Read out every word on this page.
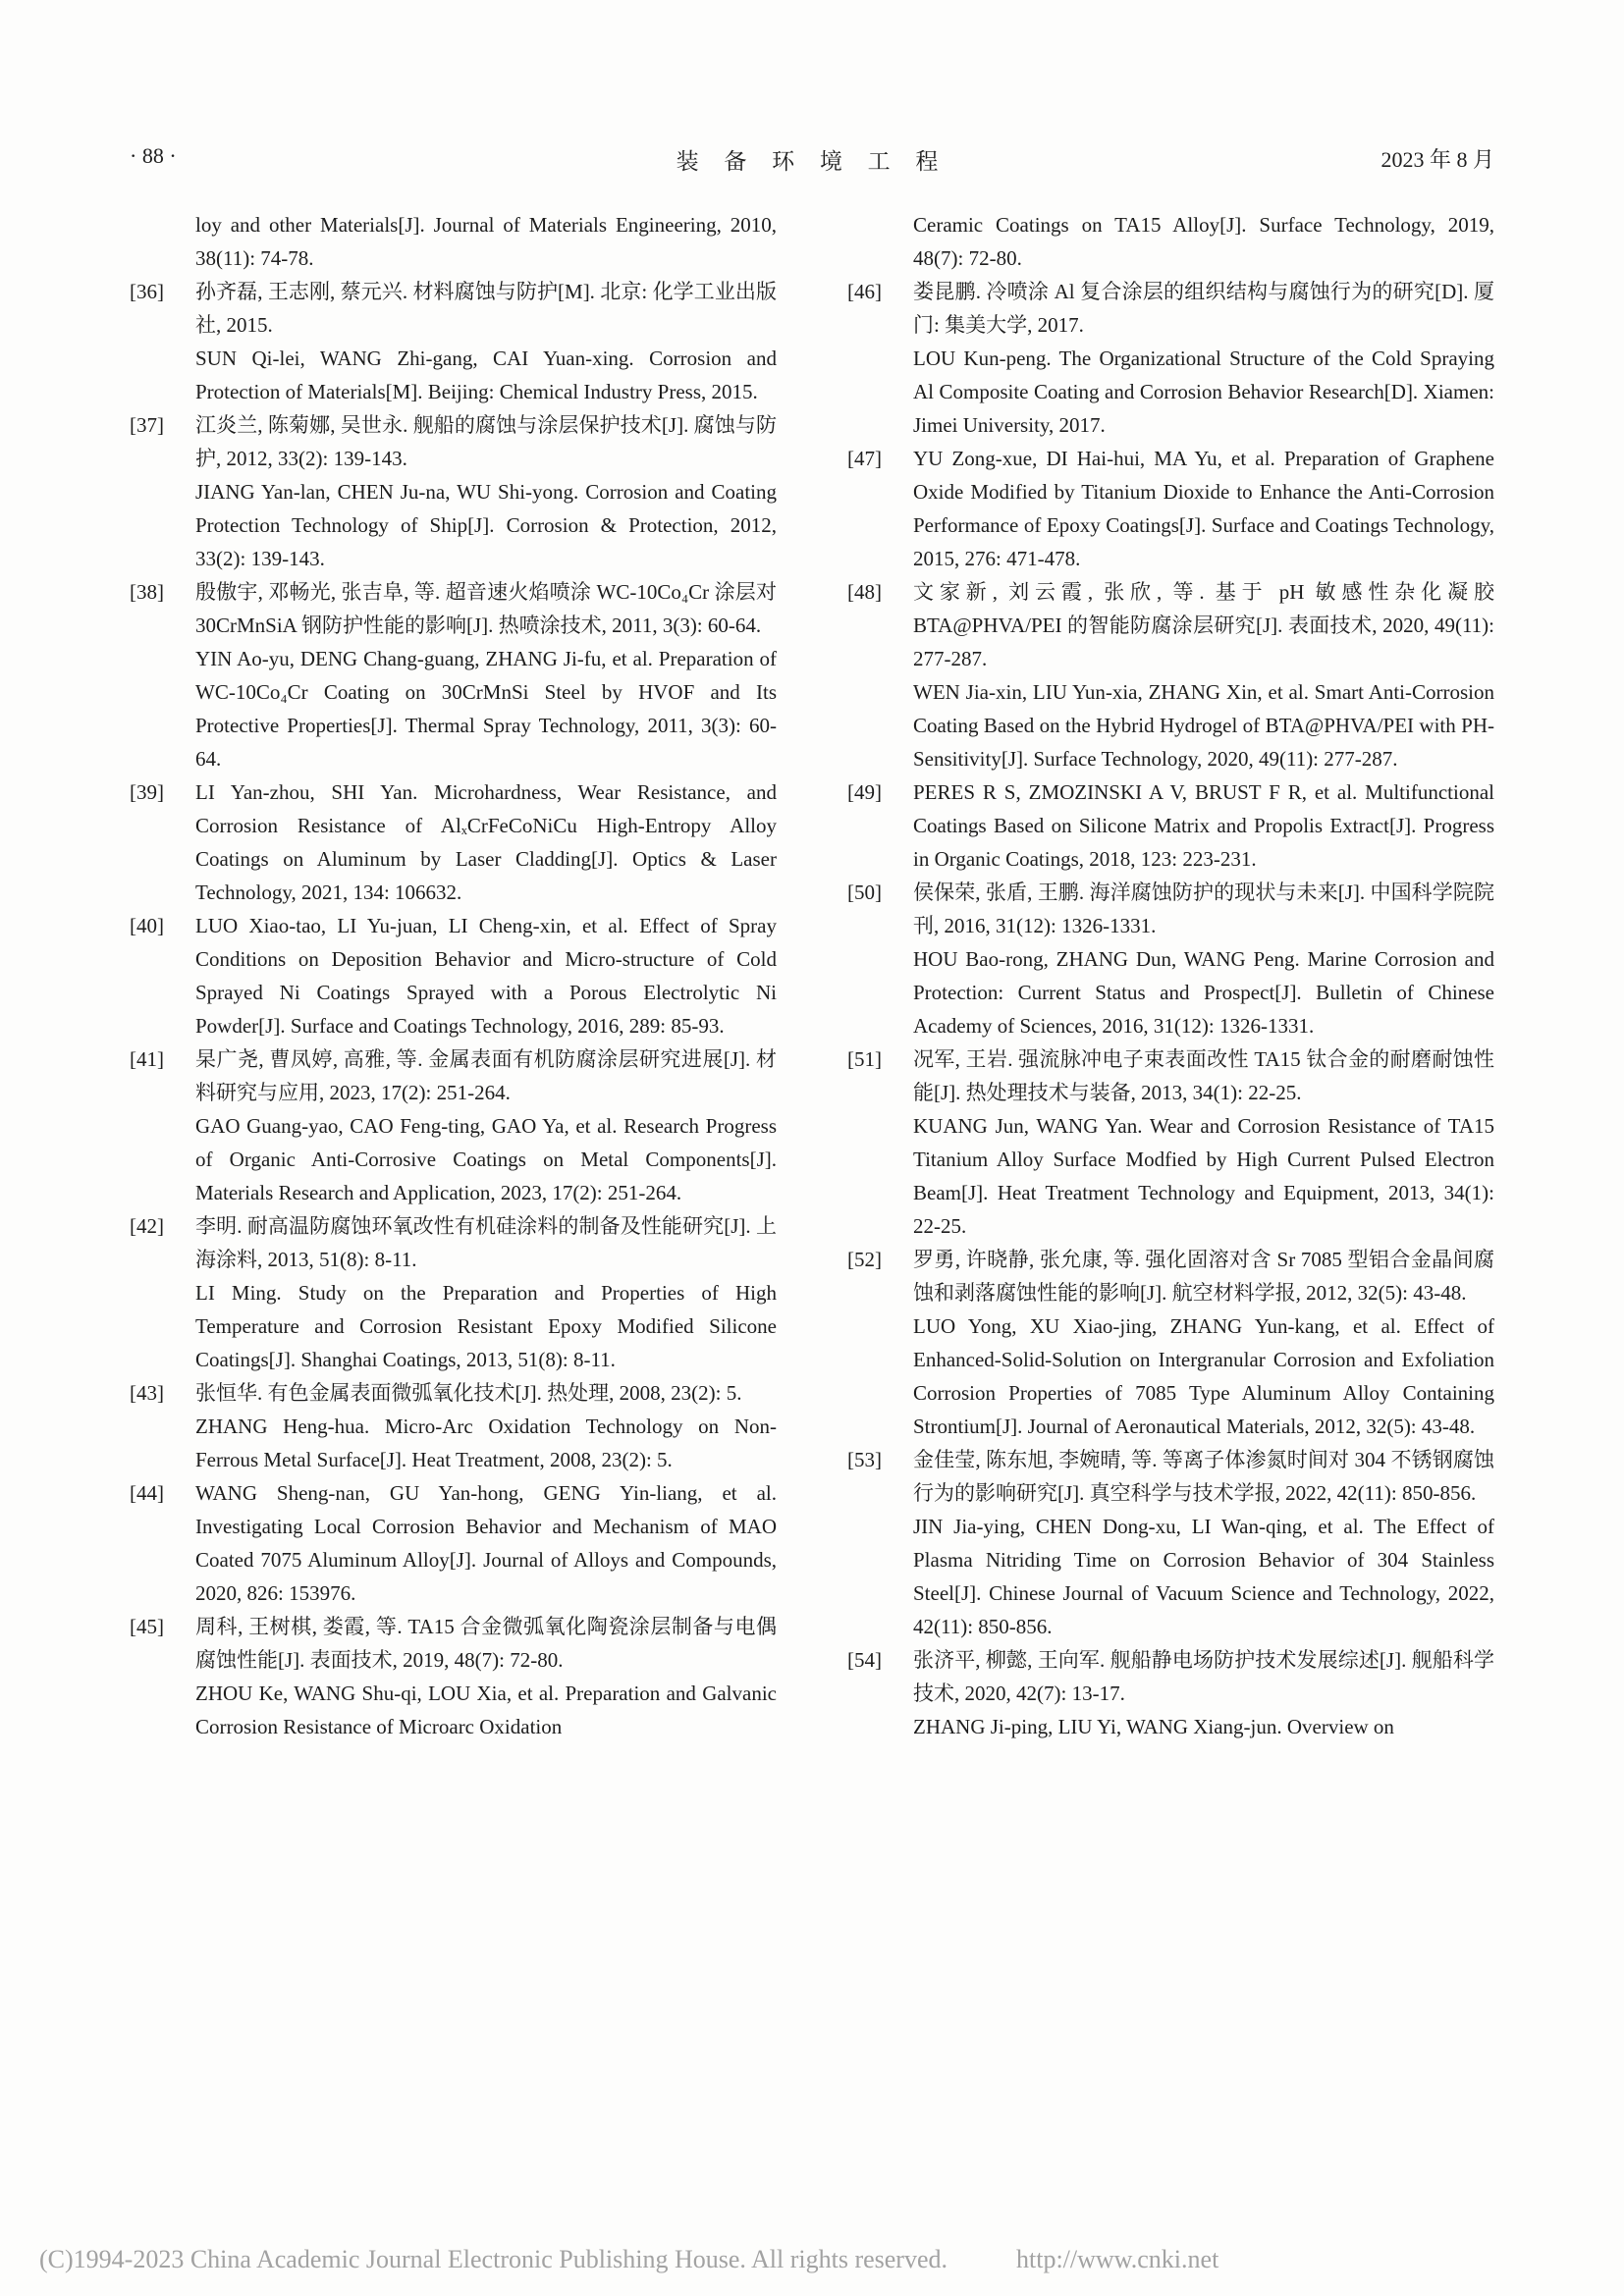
· 88 ·	装 备 环 境 工 程	2023 年 8 月

loy and other Materials[J]. Journal of Materials Engineering, 2010, 38(11): 74-78.

[36]	孙齐磊, 王志刚, 蔡元兴. 材料腐蚀与防护[M]. 北京: 化学工业出版社, 2015.

SUN Qi-lei, WANG Zhi-gang, CAI Yuan-xing. Corrosion and Protection of Materials[M]. Beijing: Chemical Industry Press, 2015.

[37]	江炎兰, 陈菊娜, 吴世永. 舰船的腐蚀与涂层保护技术[J]. 腐蚀与防护, 2012, 33(2): 139-143.

JIANG Yan-lan, CHEN Ju-na, WU Shi-yong. Corrosion and Coating Protection Technology of Ship[J]. Corrosion & Protection, 2012, 33(2): 139-143.

[38]	殷傲宇, 邓畅光, 张吉阜, 等. 超音速火焰喷涂 WC-10Co₄Cr 涂层对 30CrMnSiA 钢防护性能的影响[J]. 热喷涂技术, 2011, 3(3): 60-64.

YIN Ao-yu, DENG Chang-guang, ZHANG Ji-fu, et al. Preparation of WC-10Co₄Cr Coating on 30CrMnSi Steel by HVOF and Its Protective Properties[J]. Thermal Spray Technology, 2011, 3(3): 60-64.

[39]	LI Yan-zhou, SHI Yan. Microhardness, Wear Resistance, and Corrosion Resistance of AlₓCrFeCoNiCu High-Entropy Alloy Coatings on Aluminum by Laser Cladding[J]. Optics & Laser Technology, 2021, 134: 106632.

[40]	LUO Xiao-tao, LI Yu-juan, LI Cheng-xin, et al. Effect of Spray Conditions on Deposition Behavior and Micro-structure of Cold Sprayed Ni Coatings Sprayed with a Porous Electrolytic Ni Powder[J]. Surface and Coatings Technology, 2016, 289: 85-93.

[41]	杲广尧, 曹凤婷, 高雅, 等. 金属表面有机防腐涂层研究进展[J]. 材料研究与应用, 2023, 17(2): 251-264.

GAO Guang-yao, CAO Feng-ting, GAO Ya, et al. Research Progress of Organic Anti-Corrosive Coatings on Metal Components[J]. Materials Research and Application, 2023, 17(2): 251-264.

[42]	李明. 耐高温防腐蚀环氧改性有机硅涂料的制备及性能研究[J]. 上海涂料, 2013, 51(8): 8-11.

LI Ming. Study on the Preparation and Properties of High Temperature and Corrosion Resistant Epoxy Modified Silicone Coatings[J]. Shanghai Coatings, 2013, 51(8): 8-11.

[43]	张恒华. 有色金属表面微弧氧化技术[J]. 热处理, 2008, 23(2): 5.

ZHANG Heng-hua. Micro-Arc Oxidation Technology on Non-Ferrous Metal Surface[J]. Heat Treatment, 2008, 23(2): 5.

[44]	WANG Sheng-nan, GU Yan-hong, GENG Yin-liang, et al. Investigating Local Corrosion Behavior and Mechanism of MAO Coated 7075 Aluminum Alloy[J]. Journal of Alloys and Compounds, 2020, 826: 153976.

[45]	周科, 王树棋, 娄霞, 等. TA15 合金微弧氧化陶瓷涂层制备与电偶腐蚀性能[J]. 表面技术, 2019, 48(7): 72-80.

ZHOU Ke, WANG Shu-qi, LOU Xia, et al. Preparation and Galvanic Corrosion Resistance of Microarc Oxidation

Ceramic Coatings on TA15 Alloy[J]. Surface Technology, 2019, 48(7): 72-80.

[46]	娄昆鹏. 冷喷涂 Al 复合涂层的组织结构与腐蚀行为的研究[D]. 厦门: 集美大学, 2017.

LOU Kun-peng. The Organizational Structure of the Cold Spraying Al Composite Coating and Corrosion Behavior Research[D]. Xiamen: Jimei University, 2017.

[47]	YU Zong-xue, DI Hai-hui, MA Yu, et al. Preparation of Graphene Oxide Modified by Titanium Dioxide to Enhance the Anti-Corrosion Performance of Epoxy Coatings[J]. Surface and Coatings Technology, 2015, 276: 471-478.

[48]	文家新, 刘云霞, 张欣, 等. 基于 pH 敏感性杂化凝胶 BTA@PHVA/PEI 的智能防腐涂层研究[J]. 表面技术, 2020, 49(11): 277-287.

WEN Jia-xin, LIU Yun-xia, ZHANG Xin, et al. Smart Anti-Corrosion Coating Based on the Hybrid Hydrogel of BTA@PHVA/PEI with PH-Sensitivity[J]. Surface Technology, 2020, 49(11): 277-287.

[49]	PERES R S, ZMOZINSKI A V, BRUST F R, et al. Multifunctional Coatings Based on Silicone Matrix and Propolis Extract[J]. Progress in Organic Coatings, 2018, 123: 223-231.

[50]	侯保荣, 张盾, 王鹏. 海洋腐蚀防护的现状与未来[J]. 中国科学院院刊, 2016, 31(12): 1326-1331.

HOU Bao-rong, ZHANG Dun, WANG Peng. Marine Corrosion and Protection: Current Status and Prospect[J]. Bulletin of Chinese Academy of Sciences, 2016, 31(12): 1326-1331.

[51]	况军, 王岩. 强流脉冲电子束表面改性 TA15 钛合金的耐磨耐蚀性能[J]. 热处理技术与装备, 2013, 34(1): 22-25.

KUANG Jun, WANG Yan. Wear and Corrosion Resistance of TA15 Titanium Alloy Surface Modfied by High Current Pulsed Electron Beam[J]. Heat Treatment Technology and Equipment, 2013, 34(1): 22-25.

[52]	罗勇, 许晓静, 张允康, 等. 强化固溶对含 Sr 7085 型铝合金晶间腐蚀和剥落腐蚀性能的影响[J]. 航空材料学报, 2012, 32(5): 43-48.

LUO Yong, XU Xiao-jing, ZHANG Yun-kang, et al. Effect of Enhanced-Solid-Solution on Intergranular Corrosion and Exfoliation Corrosion Properties of 7085 Type Aluminum Alloy Containing Strontium[J]. Journal of Aeronautical Materials, 2012, 32(5): 43-48.

[53]	金佳莹, 陈东旭, 李婉晴, 等. 等离子体渗氮时间对 304 不锈钢腐蚀行为的影响研究[J]. 真空科学与技术学报, 2022, 42(11): 850-856.

JIN Jia-ying, CHEN Dong-xu, LI Wan-qing, et al. The Effect of Plasma Nitriding Time on Corrosion Behavior of 304 Stainless Steel[J]. Chinese Journal of Vacuum Science and Technology, 2022, 42(11): 850-856.

[54]	张济平, 柳懿, 王向军. 舰船静电场防护技术发展综述[J]. 舰船科学技术, 2020, 42(7): 13-17.

ZHANG Ji-ping, LIU Yi, WANG Xiang-jun. Overview on

(C)1994-2023 China Academic Journal Electronic Publishing House. All rights reserved.	http://www.cnki.net
